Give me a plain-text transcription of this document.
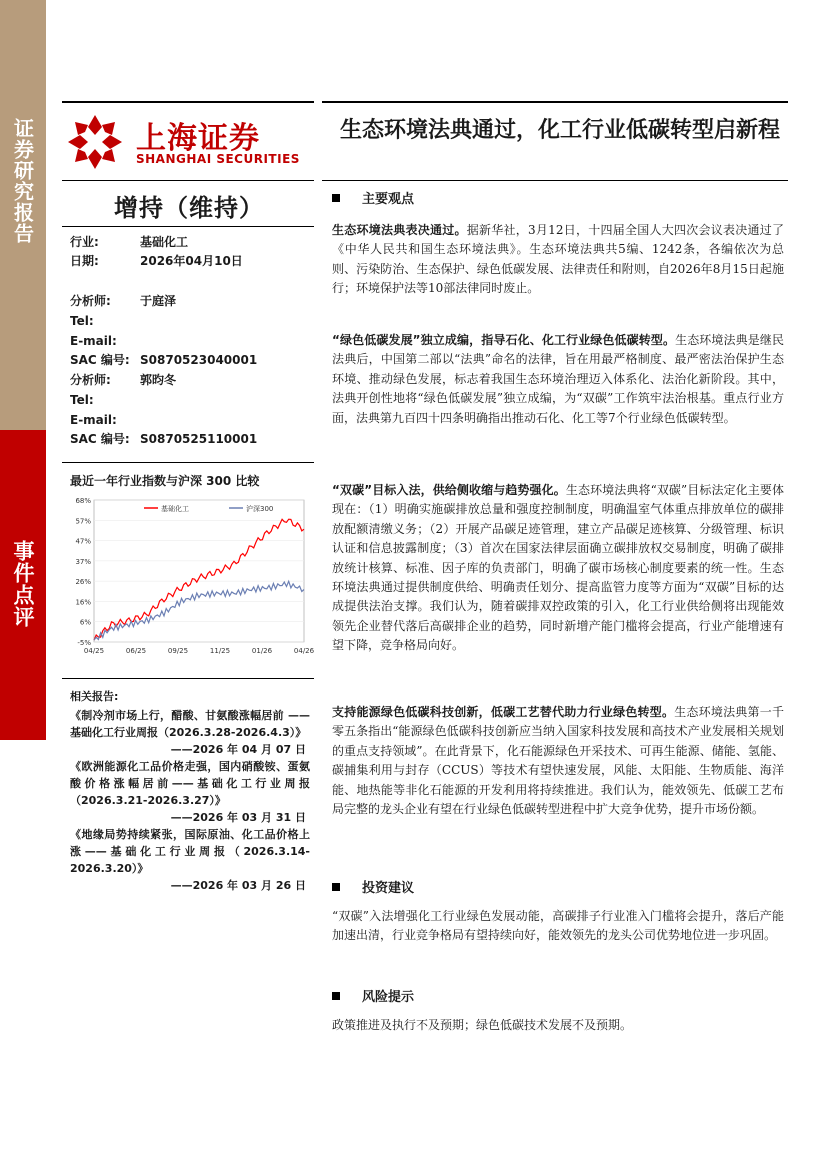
证券研究报告
事件点评
上海证券
SHANGHAI SECURITIES
生态环境法典通过，化工行业低碳转型启新程
增持（维持）
行业:	基础化工
日期:	2026年04月10日
分析师: 于庭泽
Tel:
E-mail:
SAC 编号: S0870523040001
分析师: 郭昀冬
Tel:
E-mail:
SAC 编号: S0870525110001
最近一年行业指数与沪深 300 比较
-5%
6%
16%
26%
37%
47%
57%
68%
04/25	06/25	09/25	11/25	01/26	04/26
基础化工	沪深300
相关报告:
《制冷剂市场上行，醋酸、甘氨酸涨幅居前 ——基础化工行业周报（2026.3.28-2026.4.3）》
——2026 年 04 月 07 日
《欧洲能源化工品价格走强，国内硝酸铵、蛋氨酸价格涨幅居前——基础化工行业周报（2026.3.21-2026.3.27）》
——2026 年 03 月 31 日
《地缘局势持续紧张，国际原油、化工品价格上涨——基础化工行业周报（2026.3.14-2026.3.20）》
——2026 年 03 月 26 日
主要观点
生态环境法典表决通过。据新华社，3月12日，十四届全国人大四次会议表决通过了《中华人民共和国生态环境法典》。生态环境法典共5编、1242条，各编依次为总则、污染防治、生态保护、绿色低碳发展、法律责任和附则，自2026年8月15日起施行；环境保护法等10部法律同时废止。
“绿色低碳发展”独立成编，指导石化、化工行业绿色低碳转型。生态环境法典是继民法典后，中国第二部以“法典”命名的法律，旨在用最严格制度、最严密法治保护生态环境、推动绿色发展，标志着我国生态环境治理迈入体系化、法治化新阶段。其中，法典开创性地将“绿色低碳发展”独立成编，为“双碳”工作筑牢法治根基。重点行业方面，法典第九百四十四条明确指出推动石化、化工等7个行业绿色低碳转型。
“双碳”目标入法，供给侧收缩与趋势强化。生态环境法典将“双碳”目标法定化主要体现在：（1）明确实施碳排放总量和强度控制制度，明确温室气体重点排放单位的碳排放配额清缴义务；（2）开展产品碳足迹管理，建立产品碳足迹核算、分级管理、标识认证和信息披露制度；（3）首次在国家法律层面确立碳排放权交易制度，明确了碳排放统计核算、标准、因子库的负责部门，明确了碳市场核心制度要素的统一性。生态环境法典通过提供制度供给、明确责任划分、提高监管力度等方面为“双碳”目标的达成提供法治支撑。我们认为，随着碳排双控政策的引入，化工行业供给侧将出现能效领先企业替代落后高碳排企业的趋势，同时新增产能门槛将会提高，行业产能增速有望下降，竞争格局向好。
支持能源绿色低碳科技创新，低碳工艺替代助力行业绿色转型。生态环境法典第一千零五条指出“能源绿色低碳科技创新应当纳入国家科技发展和高技术产业发展相关规划的重点支持领域”。在此背景下，化石能源绿色开采技术、可再生能源、储能、氢能、碳捕集利用与封存（CCUS）等技术有望快速发展，风能、太阳能、生物质能、海洋能、地热能等非化石能源的开发利用将持续推进。我们认为，能效领先、低碳工艺布局完整的龙头企业有望在行业绿色低碳转型进程中扩大竞争优势，提升市场份额。
投资建议
“双碳”入法增强化工行业绿色发展动能，高碳排子行业准入门槛将会提升，落后产能加速出清，行业竞争格局有望持续向好，能效领先的龙头公司优势地位进一步巩固。
风险提示
政策推进及执行不及预期；绿色低碳技术发展不及预期。
